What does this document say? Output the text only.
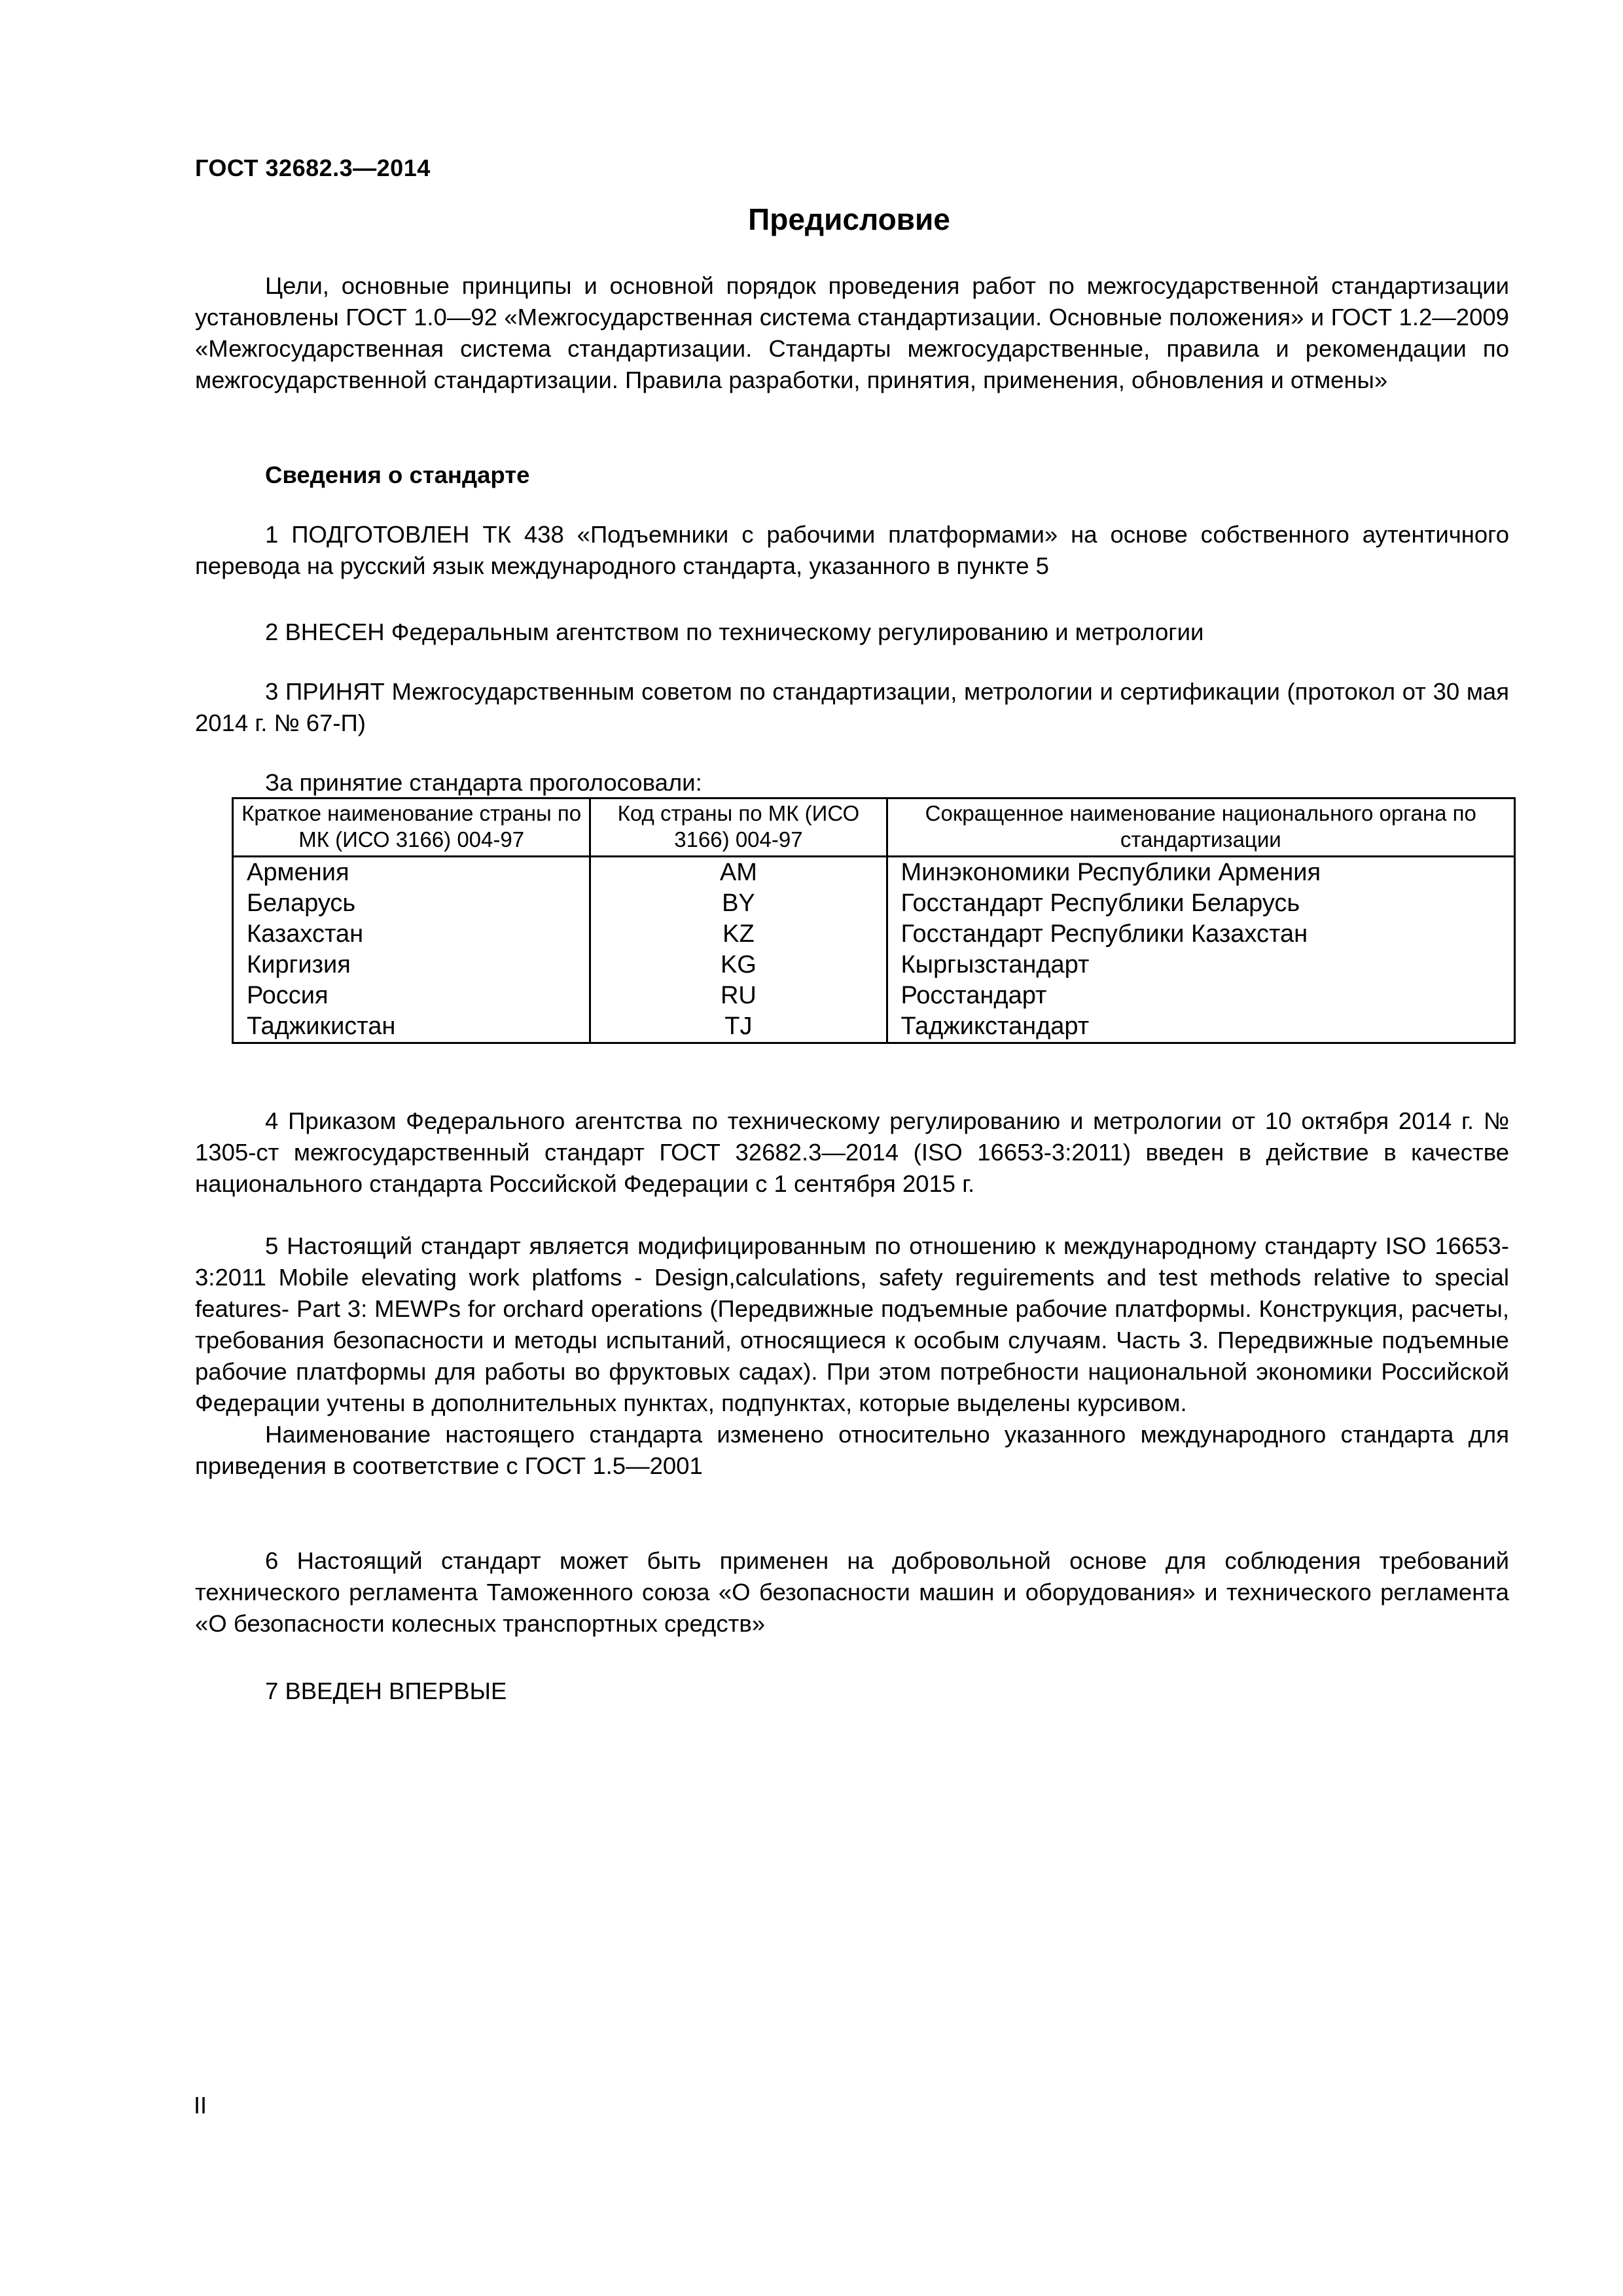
ГОСТ 32682.3—2014
Предисловие

Цели, основные принципы и основной порядок проведения работ по межгосударственной стандартизации установлены ГОСТ 1.0—92 «Межгосударственная система стандартизации. Основные положения» и ГОСТ 1.2—2009 «Межгосударственная система стандартизации. Стандарты межгосударственные, правила и рекомендации по межгосударственной стандартизации. Правила разработки, принятия, применения, обновления и отмены»

Сведения о стандарте

1 ПОДГОТОВЛЕН ТК 438 «Подъемники с рабочими платформами» на основе собственного аутентичного перевода на русский язык международного стандарта, указанного в пункте 5

2 ВНЕСЕН Федеральным агентством по техническому регулированию и метрологии

3 ПРИНЯТ Межгосударственным советом по стандартизации, метрологии и сертификации (протокол от 30 мая 2014 г. № 67-П)

За принятие стандарта проголосовали:
Краткое наименование страны по МК (ИСО 3166) 004-97	Код страны по МК (ИСО 3166) 004-97	Сокращенное наименование национального органа по стандартизации
Армения	AM	Минэкономики Республики Армения
Беларусь	BY	Госстандарт Республики Беларусь
Казахстан	KZ	Госстандарт Республики Казахстан
Киргизия	KG	Кыргызстандарт
Россия	RU	Росстандарт
Таджикистан	TJ	Таджикстандарт

4 Приказом Федерального агентства по техническому регулированию и метрологии от 10 октября 2014 г. № 1305-ст межгосударственный стандарт ГОСТ 32682.3—2014 (ISO 16653-3:2011) введен в действие в качестве национального стандарта Российской Федерации с 1 сентября 2015 г.

5 Настоящий стандарт является модифицированным по отношению к международному стандарту ISO 16653-3:2011 Mobile elevating work platfoms - Design,calculations, safety reguirements and test methods relative to special features- Part 3: MEWPs for orchard operations (Передвижные подъемные рабочие платформы. Конструкция, расчеты, требования безопасности и методы испытаний, относящиеся к особым случаям. Часть 3. Передвижные подъемные рабочие платформы для работы во фруктовых садах). При этом потребности национальной экономики Российской Федерации учтены в дополнительных пунктах, подпунктах, которые выделены курсивом.

Наименование настоящего стандарта изменено относительно указанного международного стандарта для приведения в соответствие с ГОСТ 1.5—2001

6 Настоящий стандарт может быть применен на добровольной основе для соблюдения требований технического регламента Таможенного союза «О безопасности машин и оборудования» и технического регламента «О безопасности колесных транспортных средств»

7 ВВЕДЕН ВПЕРВЫЕ
II
